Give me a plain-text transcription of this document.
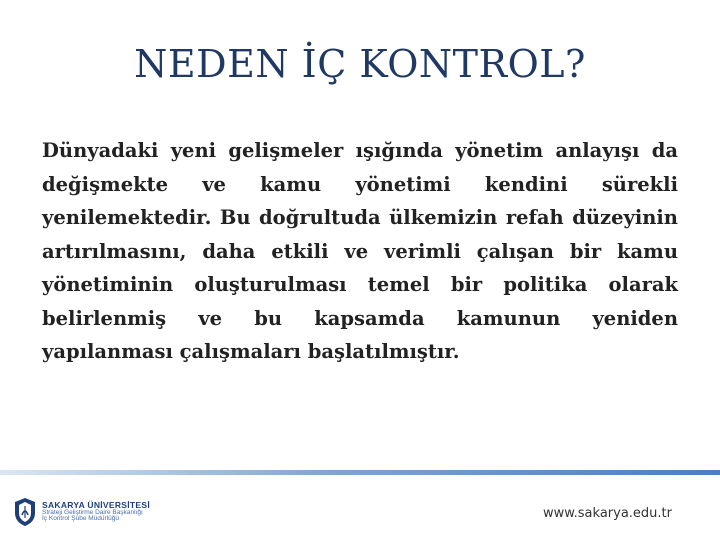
NEDEN İÇ KONTROL?

Dünyadaki yeni gelişmeler ışığında yönetim anlayışı da değişmekte ve kamu yönetimi kendini sürekli yenilemektedir. Bu doğrultuda ülkemizin refah düzeyinin artırılmasını, daha etkili ve verimli çalışan bir kamu yönetiminin oluşturulması temel bir politika olarak belirlenmiş ve bu kapsamda kamunun yeniden yapılanması çalışmaları başlatılmıştır.

SAKARYA ÜNİVERSİTESİ
Strateji Geliştirme Daire Başkanlığı
İç Kontrol Şube Müdürlüğü	www.sakarya.edu.tr
